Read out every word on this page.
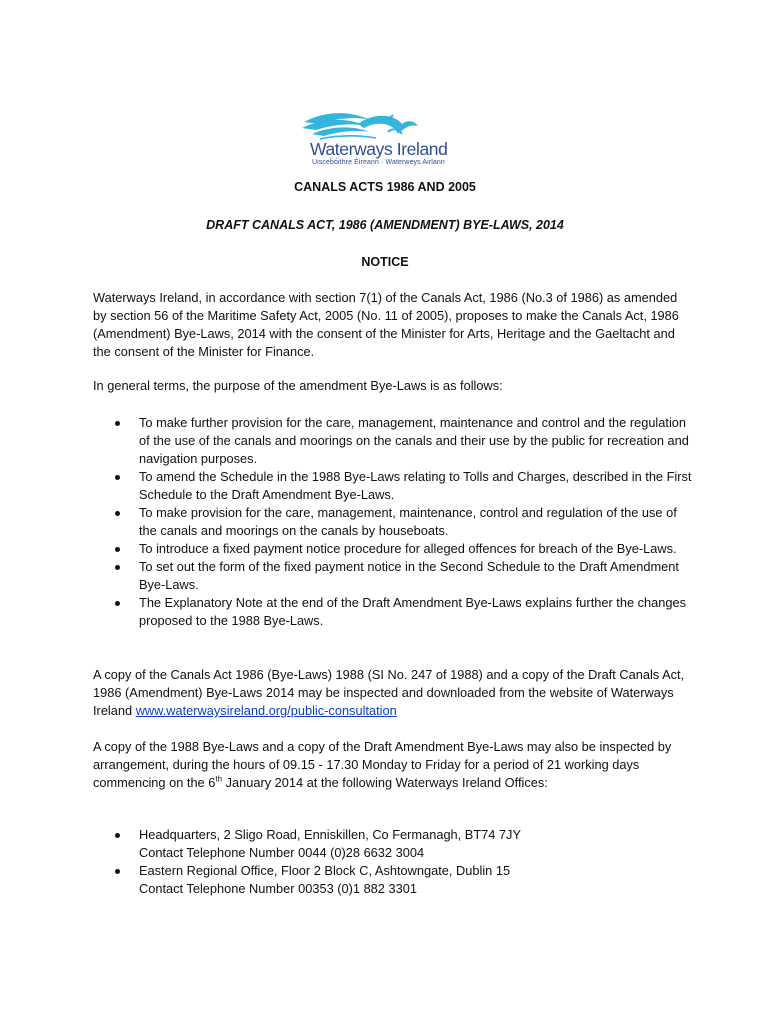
Waterways Ireland
Uiscebóithre Éireann · Waterweys Airlann
CANALS ACTS 1986 AND 2005
DRAFT CANALS ACT, 1986 (AMENDMENT) BYE-LAWS, 2014
NOTICE

Waterways Ireland, in accordance with section 7(1) of the Canals Act, 1986 (No.3 of 1986) as amended by section 56 of the Maritime Safety Act, 2005 (No. 11 of 2005), proposes to make the Canals Act, 1986 (Amendment) Bye-Laws, 2014 with the consent of the Minister for Arts, Heritage and the Gaeltacht and the consent of the Minister for Finance.

In general terms, the purpose of the amendment Bye-Laws is as follows:

To make further provision for the care, management, maintenance and control and the regulation of the use of the canals and moorings on the canals and their use by the public for recreation and navigation purposes.
To amend the Schedule in the 1988 Bye-Laws relating to Tolls and Charges, described in the First Schedule to the Draft Amendment Bye-Laws.
To make provision for the care, management, maintenance, control and regulation of the use of the canals and moorings on the canals by houseboats.
To introduce a fixed payment notice procedure for alleged offences for breach of the Bye-Laws.
To set out the form of the fixed payment notice in the Second Schedule to the Draft Amendment Bye-Laws.
The Explanatory Note at the end of the Draft Amendment Bye-Laws explains further the changes proposed to the 1988 Bye-Laws.

A copy of the Canals Act 1986 (Bye-Laws) 1988 (SI No. 247 of 1988) and a copy of the Draft Canals Act, 1986 (Amendment) Bye-Laws 2014 may be inspected and downloaded from the website of Waterways Ireland www.waterwaysireland.org/public-consultation

A copy of the 1988 Bye-Laws and a copy of the Draft Amendment Bye-Laws may also be inspected by arrangement, during the hours of 09.15 - 17.30 Monday to Friday for a period of 21 working days commencing on the 6th January 2014 at the following Waterways Ireland Offices:

Headquarters, 2 Sligo Road, Enniskillen, Co Fermanagh, BT74 7JY
Contact Telephone Number 0044 (0)28 6632 3004
Eastern Regional Office, Floor 2 Block C, Ashtowngate, Dublin 15
Contact Telephone Number 00353 (0)1 882 3301
